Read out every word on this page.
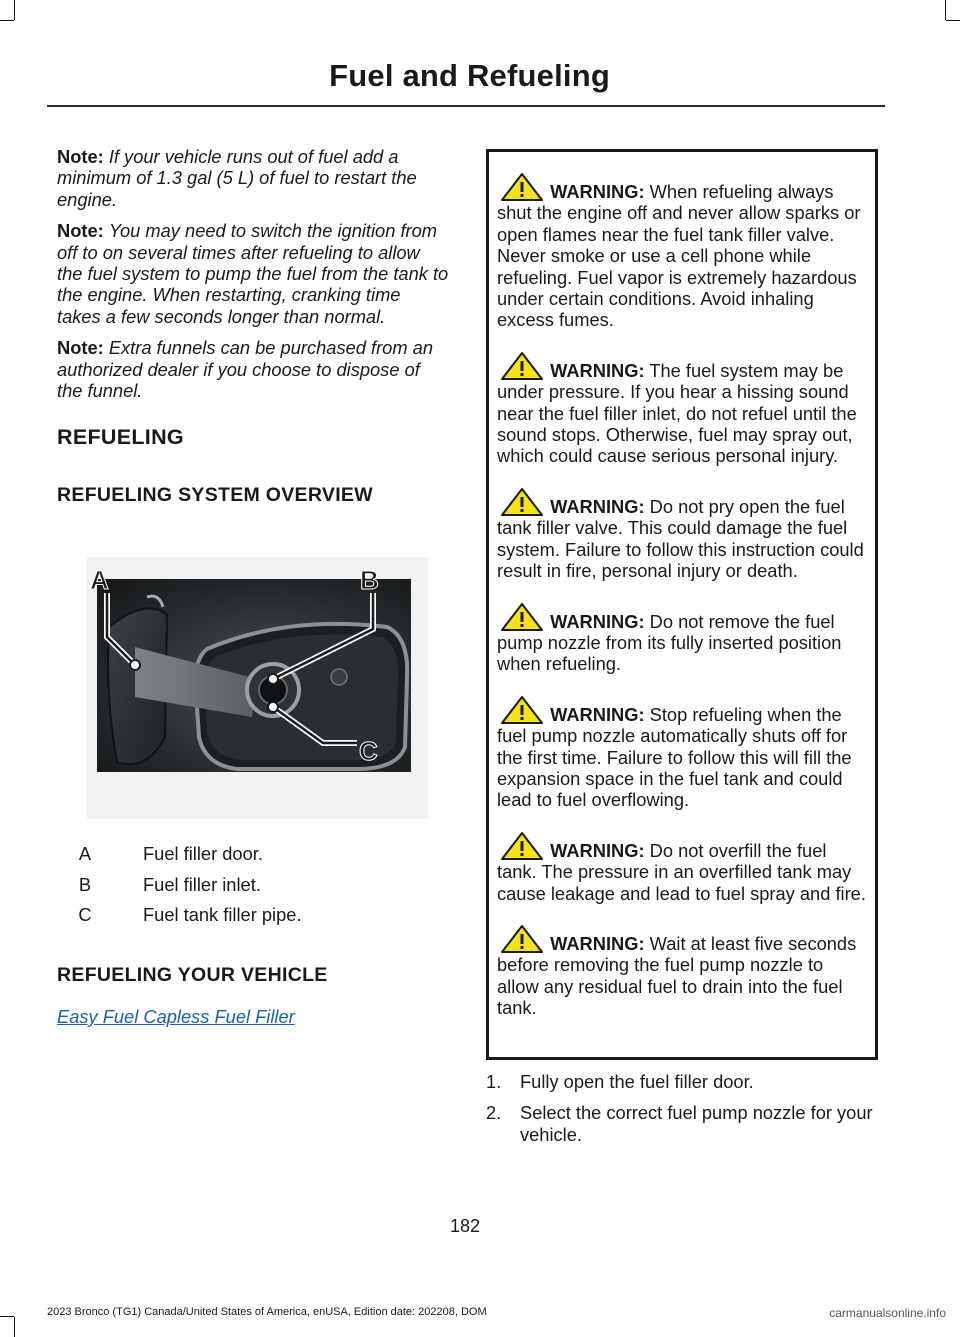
Fuel and Refueling

Note: If your vehicle runs out of fuel add a minimum of 1.3 gal (5 L) of fuel to restart the engine.

Note: You may need to switch the ignition from off to on several times after refueling to allow the fuel system to pump the fuel from the tank to the engine. When restarting, cranking time takes a few seconds longer than normal.

Note: Extra funnels can be purchased from an authorized dealer if you choose to dispose of the funnel.

REFUELING
REFUELING SYSTEM OVERVIEW
A	B
C
A	Fuel filler door.
B	Fuel filler inlet.
C	Fuel tank filler pipe.
REFUELING YOUR VEHICLE
Easy Fuel Capless Fuel Filler

WARNING: When refueling always shut the engine off and never allow sparks or open flames near the fuel tank filler valve. Never smoke or use a cell phone while refueling. Fuel vapor is extremely hazardous under certain conditions. Avoid inhaling excess fumes.

WARNING: The fuel system may be under pressure. If you hear a hissing sound near the fuel filler inlet, do not refuel until the sound stops. Otherwise, fuel may spray out, which could cause serious personal injury.

WARNING: Do not pry open the fuel tank filler valve. This could damage the fuel system. Failure to follow this instruction could result in fire, personal injury or death.

WARNING: Do not remove the fuel pump nozzle from its fully inserted position when refueling.

WARNING: Stop refueling when the fuel pump nozzle automatically shuts off for the first time. Failure to follow this will fill the expansion space in the fuel tank and could lead to fuel overflowing.

WARNING: Do not overfill the fuel tank. The pressure in an overfilled tank may cause leakage and lead to fuel spray and fire.

WARNING: Wait at least five seconds before removing the fuel pump nozzle to allow any residual fuel to drain into the fuel tank.

1.	Fully open the fuel filler door.
2.	Select the correct fuel pump nozzle for your vehicle.
182
2023 Bronco (TG1) Canada/United States of America, enUSA, Edition date: 202208, DOM	carmanualsonline.info
